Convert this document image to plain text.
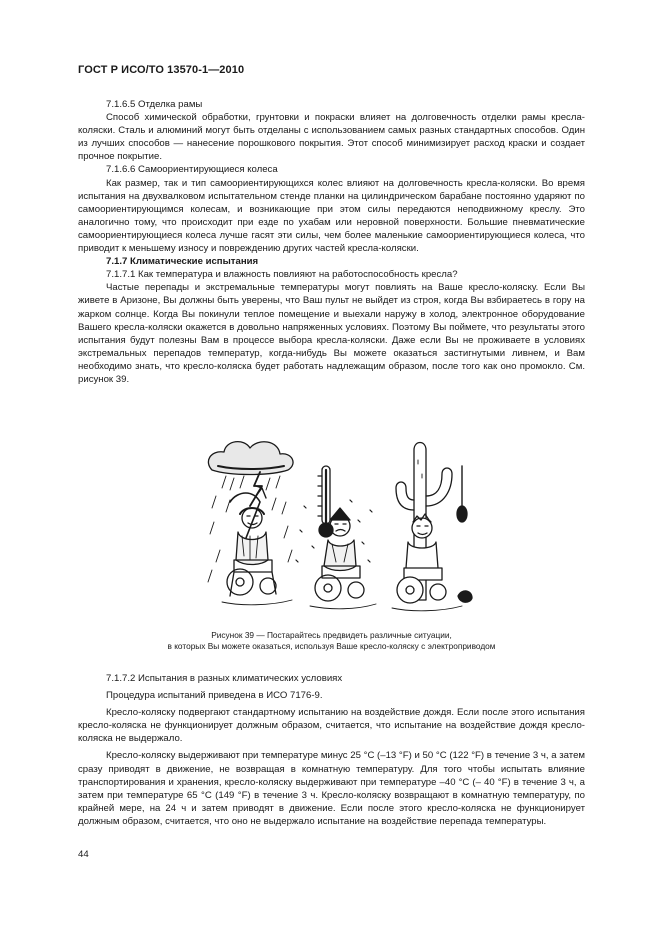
ГОСТ Р ИСО/ТО 13570-1—2010

7.1.6.5 Отделка рамы

Способ химической обработки, грунтовки и покраски влияет на долговечность отделки рамы кресла-коляски. Сталь и алюминий могут быть отделаны с использованием самых разных стандартных способов. Один из лучших способов — нанесение порошкового покрытия. Этот способ минимизирует расход краски и создает прочное покрытие.

7.1.6.6 Самоориентирующиеся колеса

Как размер, так и тип самоориентирующихся колес влияют на долговечность кресла-коляски. Во время испытания на двухвалковом испытательном стенде планки на цилиндрическом барабане постоянно ударяют по самоориентирующимся колесам, и возникающие при этом силы передаются неподвижному креслу. Это аналогично тому, что происходит при езде по ухабам или неровной поверхности. Большие пневматические самоориентирующиеся колеса лучше гасят эти силы, чем более маленькие самоориентирующиеся колеса, что приводит к меньшему износу и повреждению других частей кресла-коляски.

7.1.7 Климатические испытания

7.1.7.1 Как температура и влажность повлияют на работоспособность кресла?

Частые перепады и экстремальные температуры могут повлиять на Ваше кресло-коляску. Если Вы живете в Аризоне, Вы должны быть уверены, что Ваш пульт не выйдет из строя, когда Вы взбираетесь в гору на жарком солнце. Когда Вы покинули теплое помещение и выехали наружу в холод, электронное оборудование Вашего кресла-коляски окажется в довольно напряженных условиях. Поэтому Вы поймете, что результаты этого испытания будут полезны Вам в процессе выбора кресла-коляски. Даже если Вы не проживаете в условиях экстремальных перепадов температур, когда-нибудь Вы можете оказаться застигнутыми ливнем, и Вам необходимо знать, что кресло-коляска будет работать надлежащим образом, после того как оно промокло. См. рисунок 39.

Рисунок 39 — Постарайтесь предвидеть различные ситуации,
в которых Вы можете оказаться, используя Ваше кресло-коляску с электроприводом

7.1.7.2 Испытания в разных климатических условиях

Процедура испытаний приведена в ИСО 7176-9.

Кресло-коляску подвергают стандартному испытанию на воздействие дождя. Если после этого испытания кресло-коляска не функционирует должным образом, считается, что испытание на воздействие дождя кресло-коляска не выдержало.

Кресло-коляску выдерживают при температуре минус 25 °C (–13 °F) и 50 °C (122 °F) в течение 3 ч, а затем сразу приводят в движение, не возвращая в комнатную температуру. Для того чтобы испытать влияние транспортирования и хранения, кресло-коляску выдерживают при температуре –40 °C (– 40 °F) в течение 3 ч, а затем при температуре 65 °C (149 °F) в течение 3 ч. Кресло-коляску возвращают в комнатную температуру, по крайней мере, на 24 ч и затем приводят в движение. Если после этого кресло-коляска не функционирует должным образом, считается, что оно не выдержало испытание на воздействие перепада температуры.

44
